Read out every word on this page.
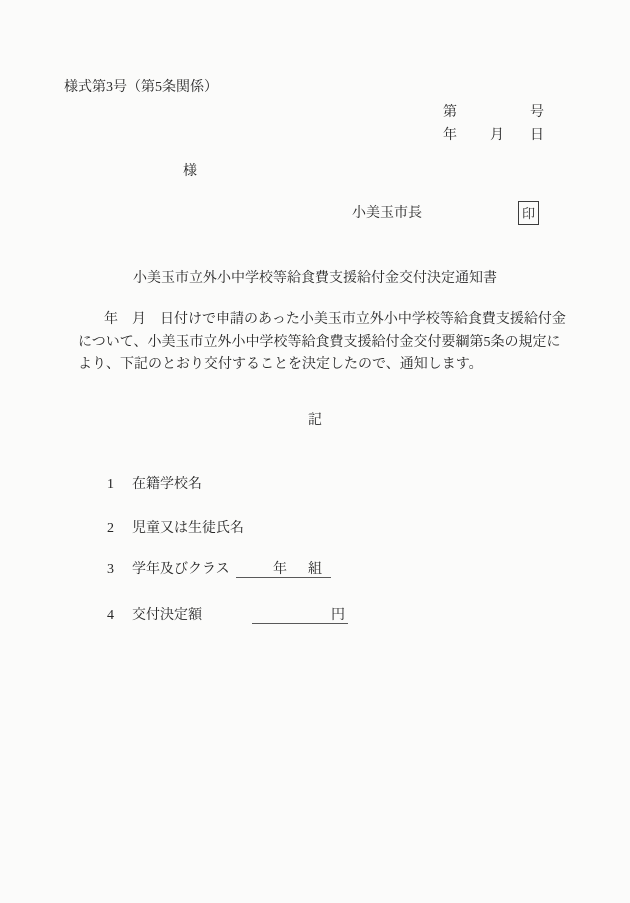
様式第3号（第5条関係）
第	号
年 月 日
様
小美玉市長	印
小美玉市立外小中学校等給食費支援給付金交付決定通知書
年　月　日付けで申請のあった小美玉市立外小中学校等給食費支援給付金
について、小美玉市立外小中学校等給食費支援給付金交付要綱第5条の規定に
より、下記のとおり交付することを決定したので、通知します。
記
1 在籍学校名
2 児童又は生徒氏名
3 学年及びクラス	年 組
4 交付決定額	円
